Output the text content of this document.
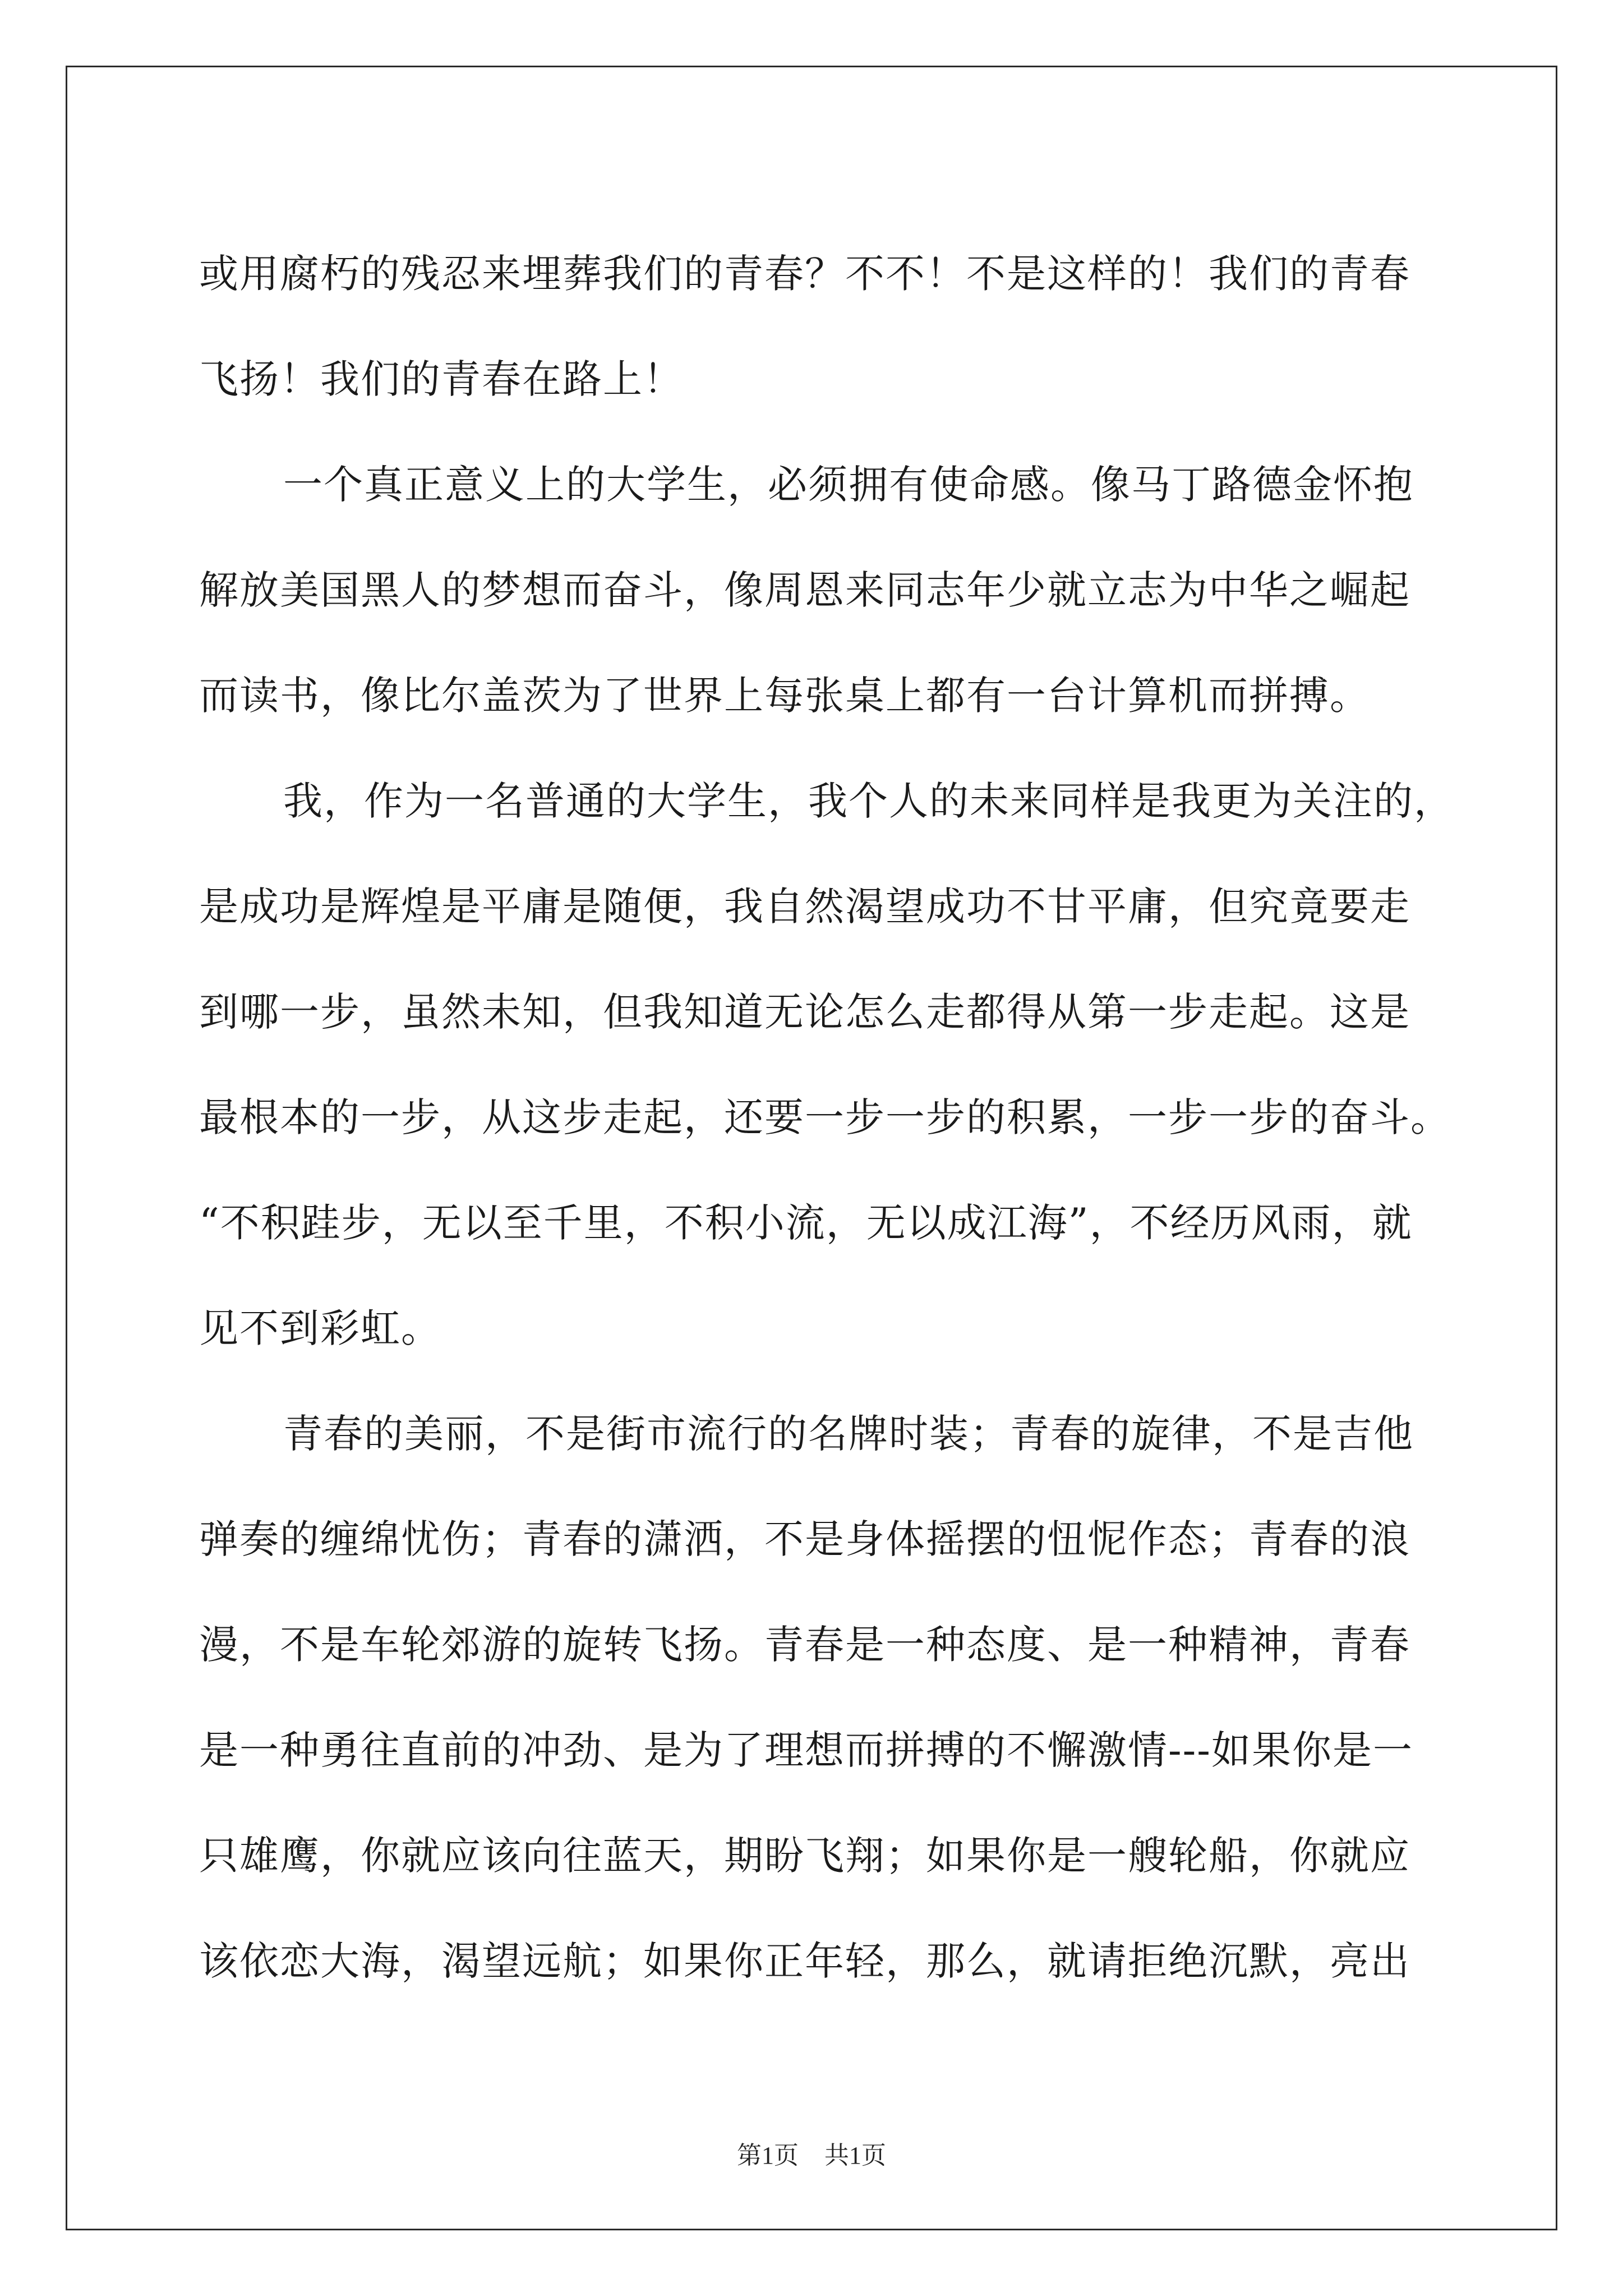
或用腐朽的残忍来埋葬我们的青春？不不！不是这样的！我们的青春
飞扬！我们的青春在路上！
一个真正意义上的大学生，必须拥有使命感。像马丁路德金怀抱
解放美国黑人的梦想而奋斗，像周恩来同志年少就立志为中华之崛起
而读书，像比尔盖茨为了世界上每张桌上都有一台计算机而拼搏。
我，作为一名普通的大学生，我个人的未来同样是我更为关注的，
是成功是辉煌是平庸是随便，我自然渴望成功不甘平庸，但究竟要走
到哪一步，虽然未知，但我知道无论怎么走都得从第一步走起。这是
最根本的一步，从这步走起，还要一步一步的积累，一步一步的奋斗。
“不积跬步，无以至千里，不积小流，无以成江海”，不经历风雨，就
见不到彩虹。
青春的美丽，不是街市流行的名牌时装；青春的旋律，不是吉他
弹奏的缠绵忧伤；青春的潇洒，不是身体摇摆的忸怩作态；青春的浪
漫，不是车轮郊游的旋转飞扬。青春是一种态度、是一种精神，青春
是一种勇往直前的冲劲、是为了理想而拼搏的不懈激情---如果你是一
只雄鹰，你就应该向往蓝天，期盼飞翔；如果你是一艘轮船，你就应
该依恋大海，渴望远航；如果你正年轻，那么，就请拒绝沉默，亮出
第1页 共1页
